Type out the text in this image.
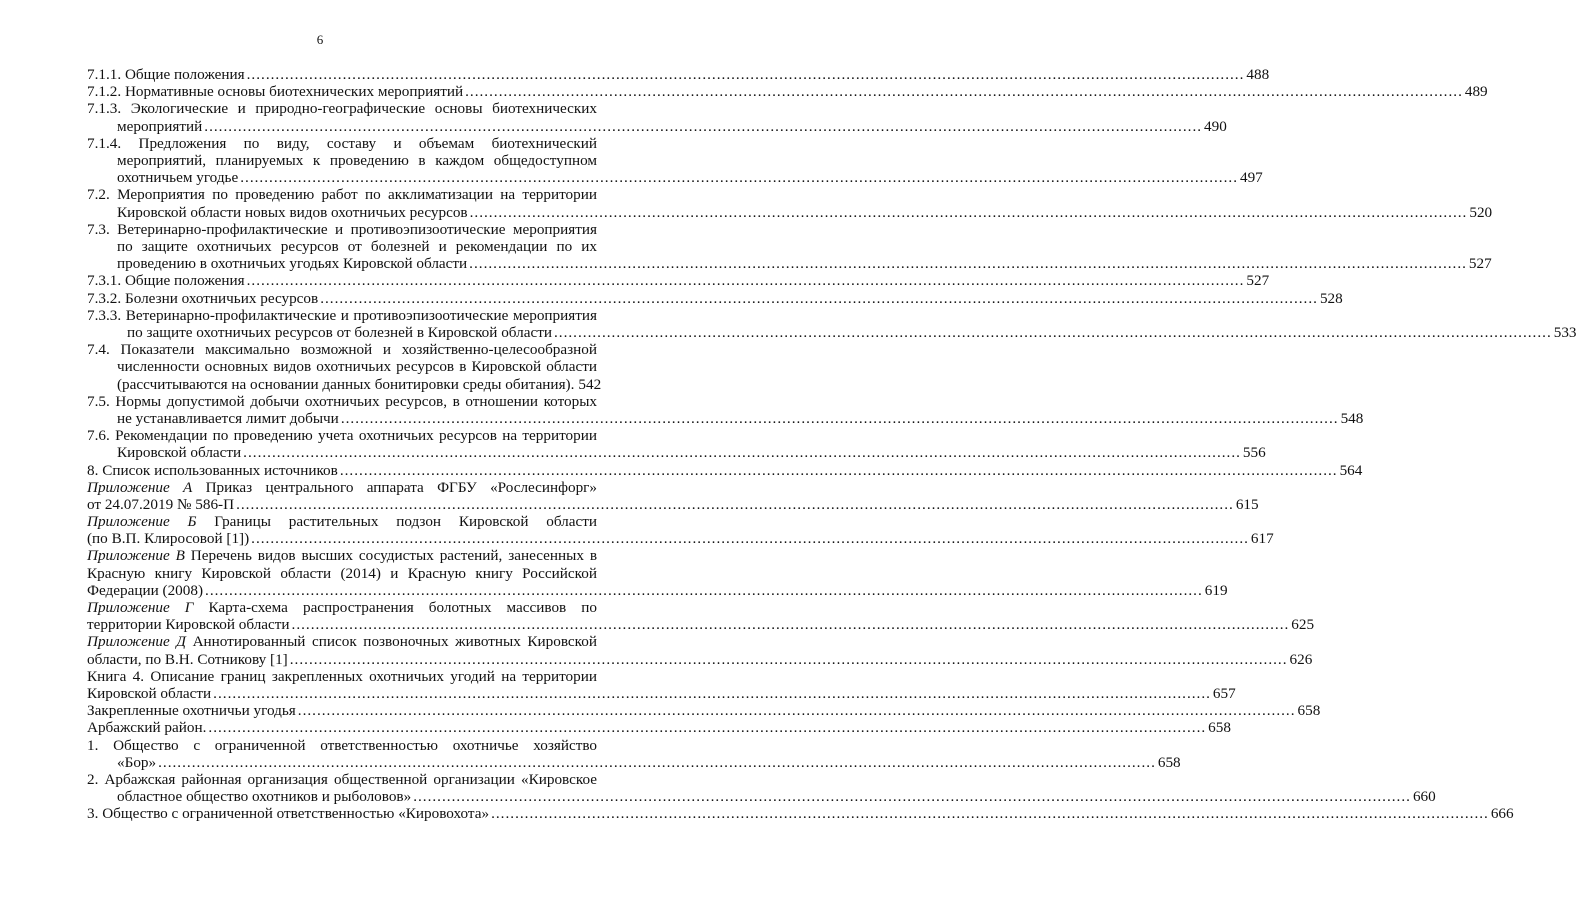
6
7.1.1. Общие положения .....	488
7.1.2. Нормативные основы биотехнических мероприятий .....	489
7.1.3. Экологические и природно-географические основы биотехнических
мероприятий .....	490
7.1.4. Предложения по виду, составу и объемам биотехнический
мероприятий, планируемых к проведению в каждом общедоступном
охотничьем угодье .....	497
7.2. Мероприятия по проведению работ по акклиматизации на территории
Кировской области новых видов охотничьих ресурсов .....	520
7.3. Ветеринарно-профилактические и противоэпизоотические мероприятия
по защите охотничьих ресурсов от болезней и рекомендации по их
проведению в охотничьих угодьях Кировской области .....	527
7.3.1. Общие положения .....	527
7.3.2. Болезни охотничьих ресурсов .....	528
7.3.3. Ветеринарно-профилактические и противоэпизоотические мероприятия
по защите охотничьих ресурсов от болезней в Кировской области .....	533
7.4. Показатели максимально возможной и хозяйственно-целесообразной
численности основных видов охотничьих ресурсов в Кировской области
(рассчитываются на основании данных бонитировки среды обитания). 542
7.5. Нормы допустимой добычи охотничьих ресурсов, в отношении которых
не устанавливается лимит добычи .....	548
7.6. Рекомендации по проведению учета охотничьих ресурсов на территории
Кировской области .....	556
8. Список использованных источников .....	564
Приложение А Приказ центрального аппарата ФГБУ «Рослесинфорг»
от 24.07.2019 № 586-П .....	615
Приложение Б Границы растительных подзон Кировской области
(по В.П. Клиросовой [1]) .....	617
Приложение В Перечень видов высших сосудистых растений, занесенных в
Красную книгу Кировской области (2014) и Красную книгу Российской
Федерации (2008) .....	619
Приложение Г Карта-схема распространения болотных массивов по
территории Кировской области .....	625
Приложение Д Аннотированный список позвоночных животных Кировской
области, по В.Н. Сотникову [1] .....	626
Книга 4. Описание границ закрепленных охотничьих угодий на территории
Кировской области .....	657
Закрепленные охотничьи угодья .....	658
Арбажский район. .....	658
1. Общество с ограниченной ответственностью охотничье хозяйство
«Бор» .....	658
2. Арбажская районная организация общественной организации «Кировское
областное общество охотников и рыболовов» .....	660
3. Общество с ограниченной ответственностью «Кировохота» .....	666
